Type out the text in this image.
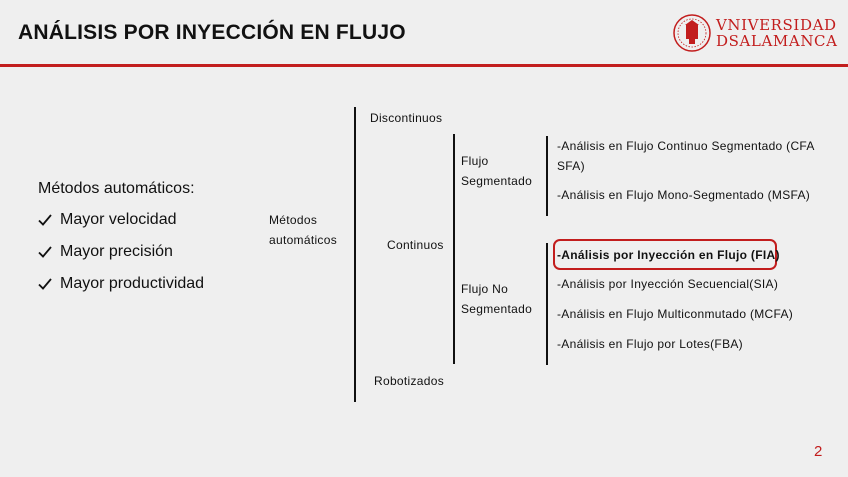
ANÁLISIS POR INYECCIÓN EN FLUJO	VNIVERSIDAD
DSALAMANCA
Métodos automáticos:
Mayor velocidad
Mayor precisión
Mayor productividad
Métodos
automáticos
Discontinuos
Continuos
Robotizados
Flujo
Segmentado
Flujo No
Segmentado
-Análisis en Flujo Continuo Segmentado (CFA
SFA)
-Análisis en Flujo Mono-Segmentado (MSFA)
-Análisis por Inyección en Flujo (FIA)
-Análisis por Inyección Secuencial(SIA)
-Análisis en Flujo Multiconmutado (MCFA)
-Análisis en Flujo por Lotes(FBA)
2
